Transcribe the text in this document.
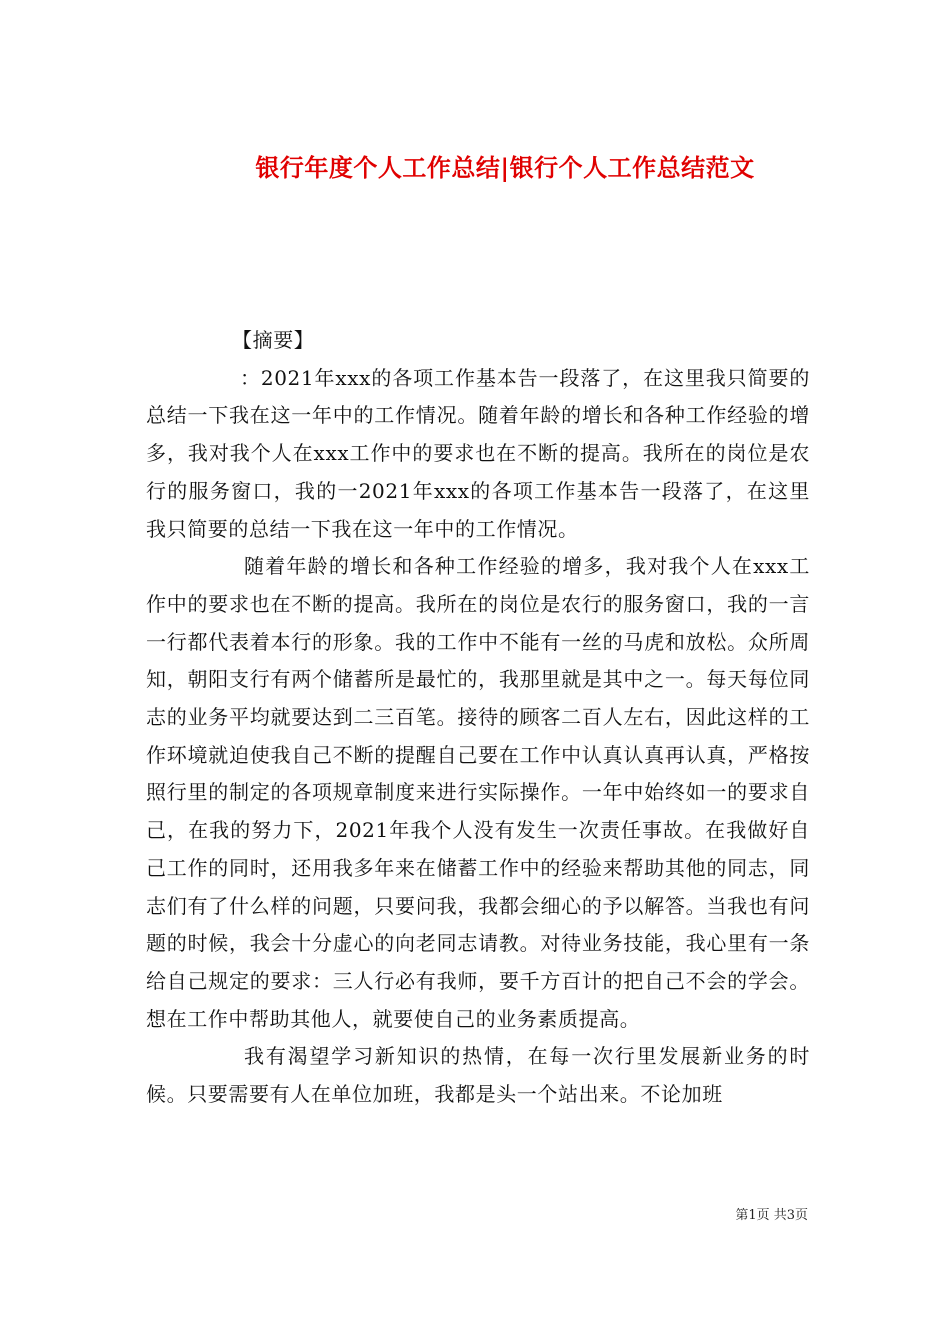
银行年度个人工作总结|银行个人工作总结范文

【摘要】

：2021年xxx的各项工作基本告一段落了，在这里我只简要的总结一下我在这一年中的工作情况。随着年龄的增长和各种工作经验的增多，我对我个人在xxx工作中的要求也在不断的提高。我所在的岗位是农行的服务窗口，我的一2021年xxx的各项工作基本告一段落了，在这里我只简要的总结一下我在这一年中的工作情况。

随着年龄的增长和各种工作经验的增多，我对我个人在xxx工作中的要求也在不断的提高。我所在的岗位是农行的服务窗口，我的一言一行都代表着本行的形象。我的工作中不能有一丝的马虎和放松。众所周知，朝阳支行有两个储蓄所是最忙的，我那里就是其中之一。每天每位同志的业务平均就要达到二三百笔。接待的顾客二百人左右，因此这样的工作环境就迫使我自己不断的提醒自己要在工作中认真认真再认真，严格按照行里的制定的各项规章制度来进行实际操作。一年中始终如一的要求自己，在我的努力下，2021年我个人没有发生一次责任事故。在我做好自己工作的同时，还用我多年来在储蓄工作中的经验来帮助其他的同志，同志们有了什么样的问题，只要问我，我都会细心的予以解答。当我也有问题的时候，我会十分虚心的向老同志请教。对待业务技能，我心里有一条给自己规定的要求：三人行必有我师，要千方百计的把自己不会的学会。想在工作中帮助其他人，就要使自己的业务素质提高。

我有渴望学习新知识的热情，在每一次行里发展新业务的时候。只要需要有人在单位加班，我都是头一个站出来。不论加班

第1页 共3页
